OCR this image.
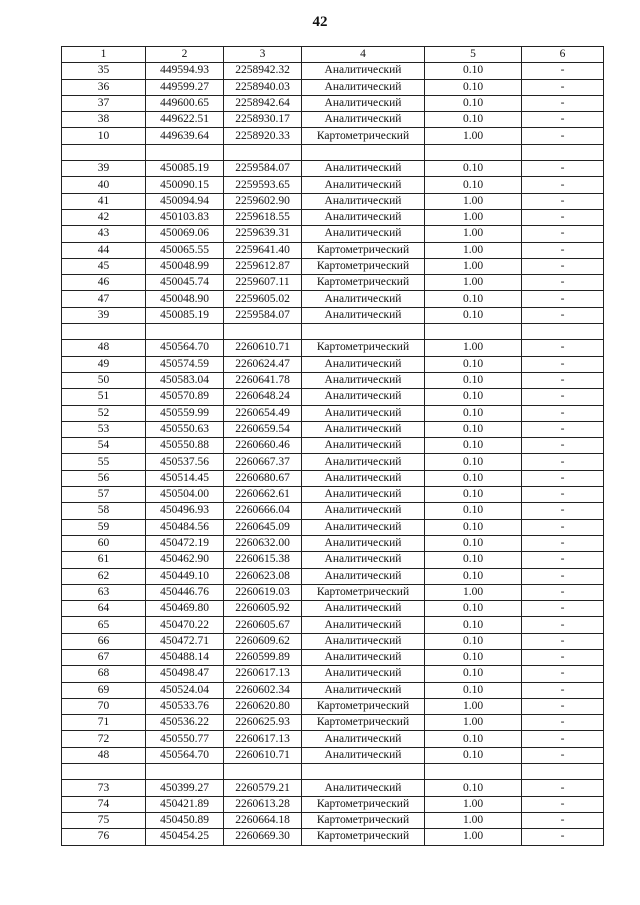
42
1	2	3	4	5	6
35	449594.93	2258942.32	Аналитический	0.10	-
36	449599.27	2258940.03	Аналитический	0.10	-
37	449600.65	2258942.64	Аналитический	0.10	-
38	449622.51	2258930.17	Аналитический	0.10	-
10	449639.64	2258920.33	Картометрический	1.00	-

39	450085.19	2259584.07	Аналитический	0.10	-
40	450090.15	2259593.65	Аналитический	0.10	-
41	450094.94	2259602.90	Аналитический	1.00	-
42	450103.83	2259618.55	Аналитический	1.00	-
43	450069.06	2259639.31	Аналитический	1.00	-
44	450065.55	2259641.40	Картометрический	1.00	-
45	450048.99	2259612.87	Картометрический	1.00	-
46	450045.74	2259607.11	Картометрический	1.00	-
47	450048.90	2259605.02	Аналитический	0.10	-
39	450085.19	2259584.07	Аналитический	0.10	-

48	450564.70	2260610.71	Картометрический	1.00	-
49	450574.59	2260624.47	Аналитический	0.10	-
50	450583.04	2260641.78	Аналитический	0.10	-
51	450570.89	2260648.24	Аналитический	0.10	-
52	450559.99	2260654.49	Аналитический	0.10	-
53	450550.63	2260659.54	Аналитический	0.10	-
54	450550.88	2260660.46	Аналитический	0.10	-
55	450537.56	2260667.37	Аналитический	0.10	-
56	450514.45	2260680.67	Аналитический	0.10	-
57	450504.00	2260662.61	Аналитический	0.10	-
58	450496.93	2260666.04	Аналитический	0.10	-
59	450484.56	2260645.09	Аналитический	0.10	-
60	450472.19	2260632.00	Аналитический	0.10	-
61	450462.90	2260615.38	Аналитический	0.10	-
62	450449.10	2260623.08	Аналитический	0.10	-
63	450446.76	2260619.03	Картометрический	1.00	-
64	450469.80	2260605.92	Аналитический	0.10	-
65	450470.22	2260605.67	Аналитический	0.10	-
66	450472.71	2260609.62	Аналитический	0.10	-
67	450488.14	2260599.89	Аналитический	0.10	-
68	450498.47	2260617.13	Аналитический	0.10	-
69	450524.04	2260602.34	Аналитический	0.10	-
70	450533.76	2260620.80	Картометрический	1.00	-
71	450536.22	2260625.93	Картометрический	1.00	-
72	450550.77	2260617.13	Аналитический	0.10	-
48	450564.70	2260610.71	Аналитический	0.10	-

73	450399.27	2260579.21	Аналитический	0.10	-
74	450421.89	2260613.28	Картометрический	1.00	-
75	450450.89	2260664.18	Картометрический	1.00	-
76	450454.25	2260669.30	Картометрический	1.00	-
